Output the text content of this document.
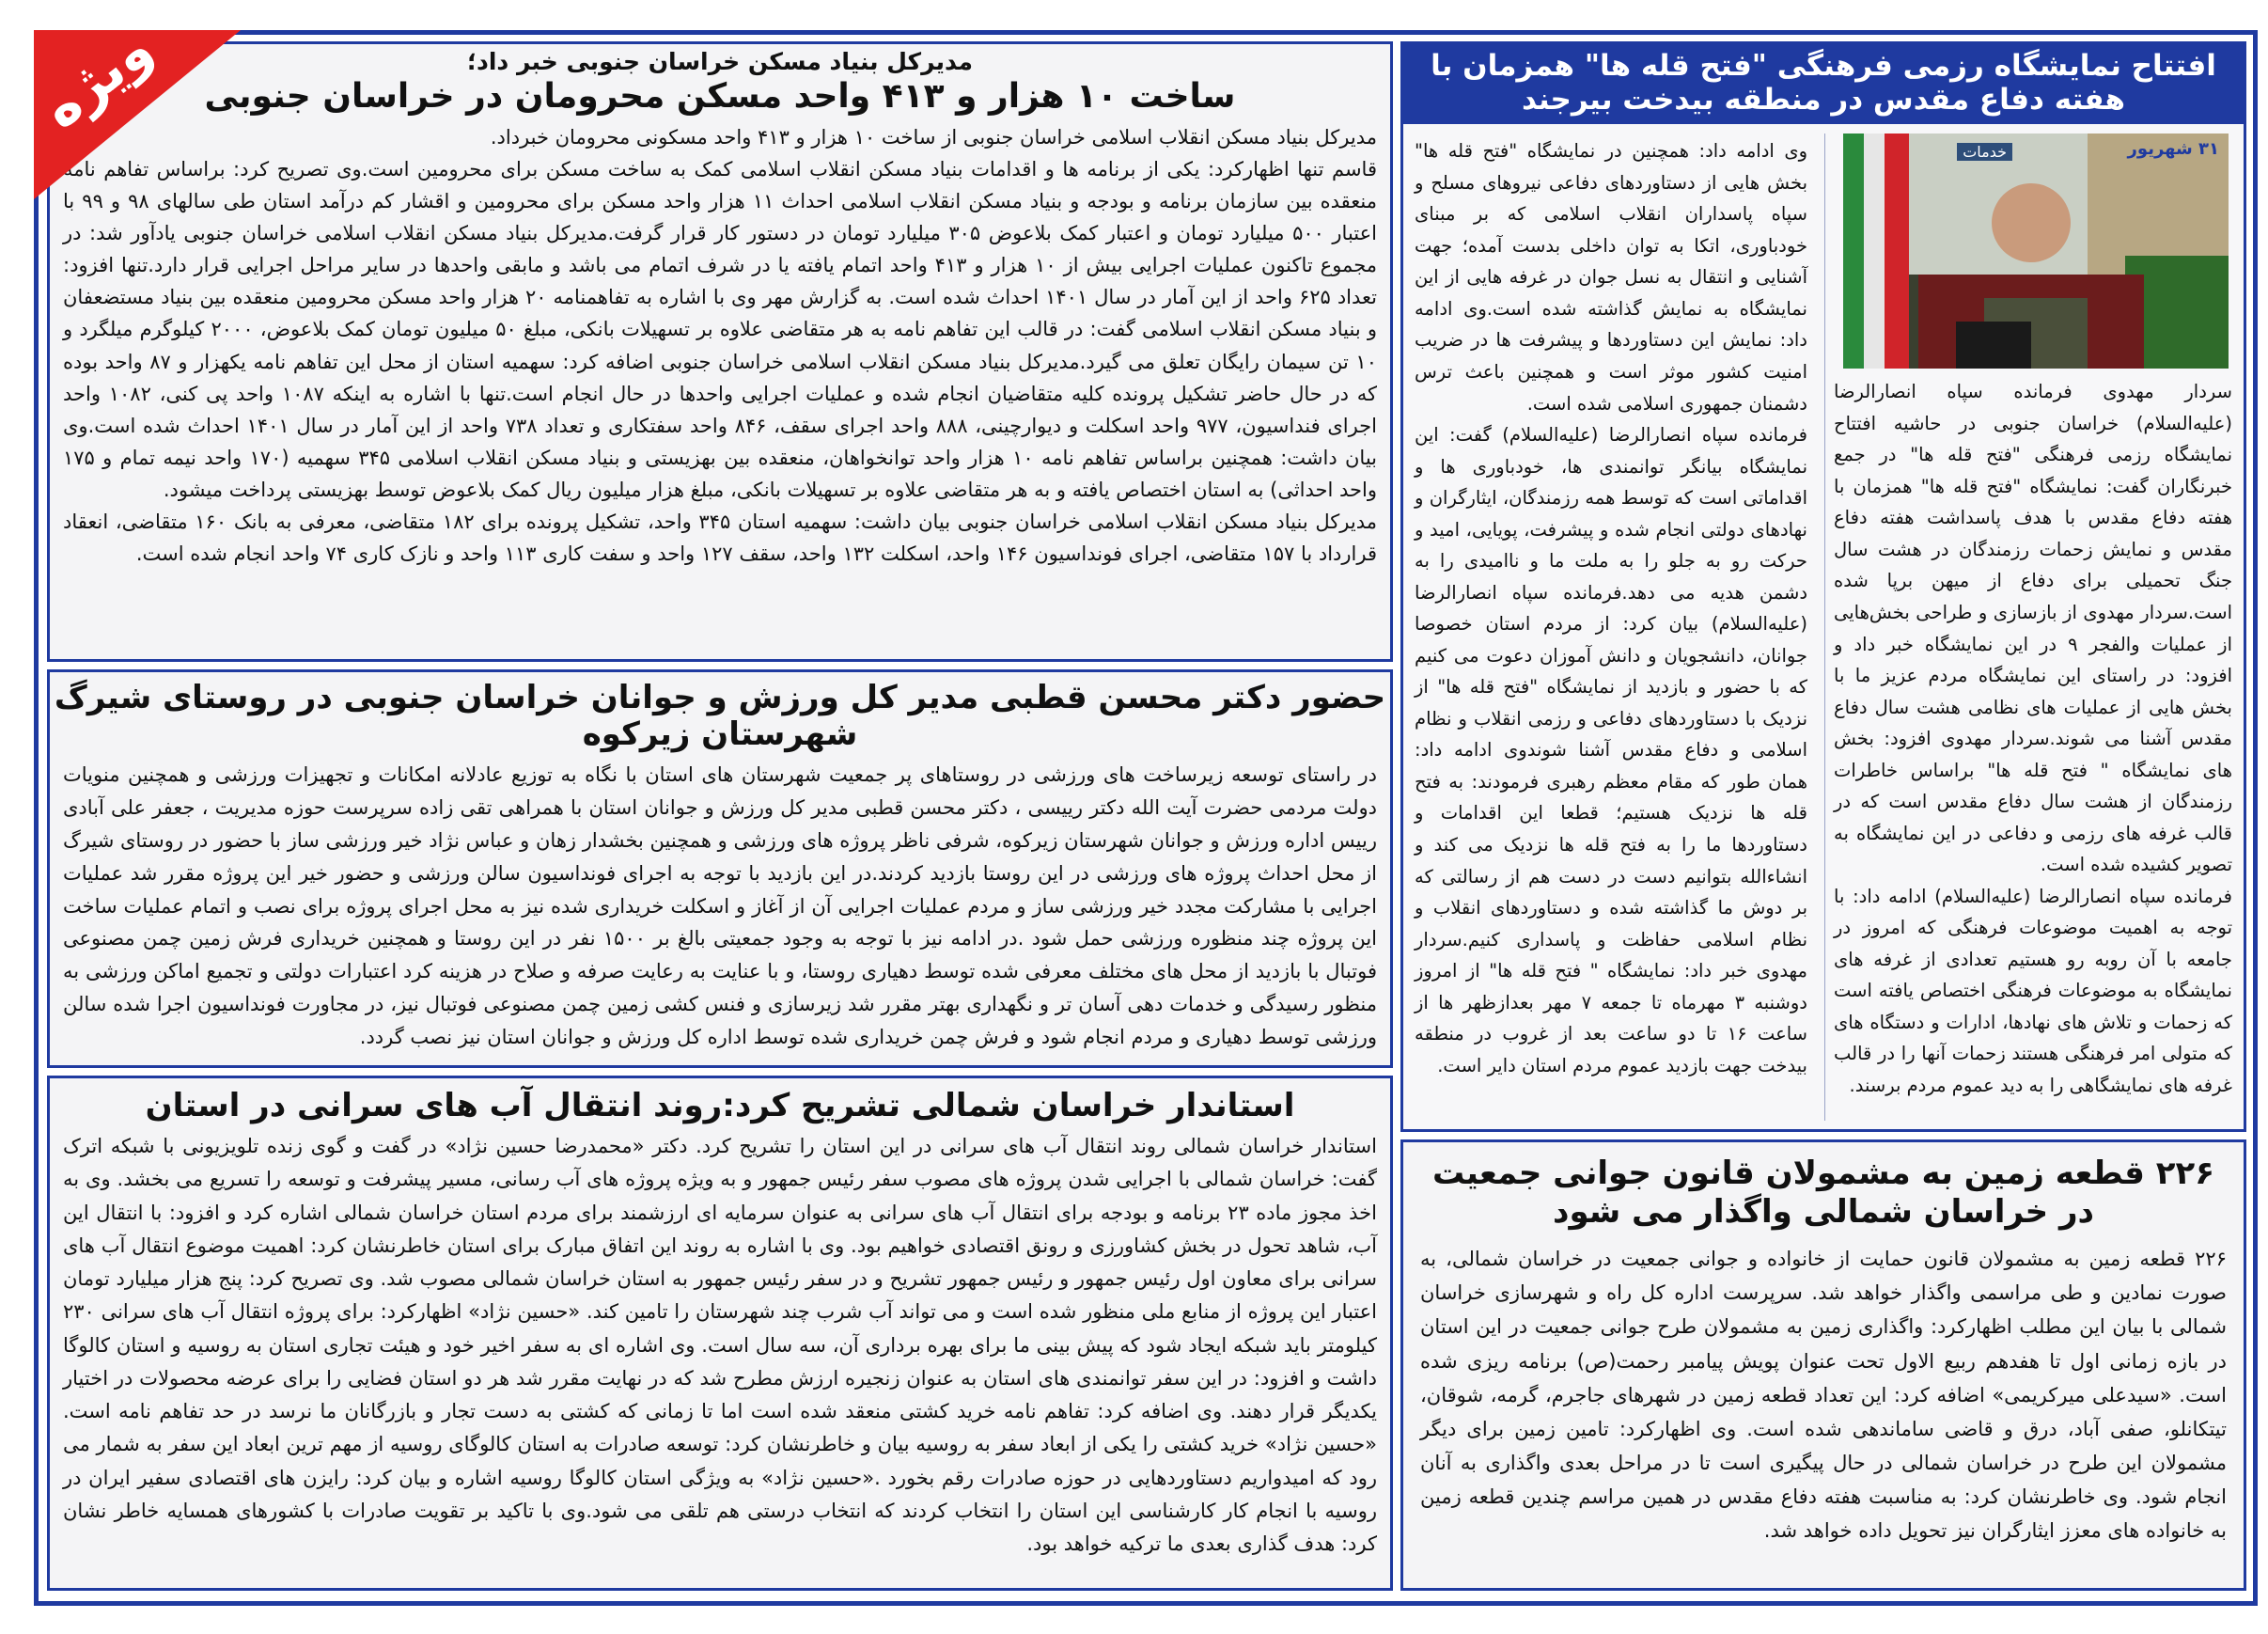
ویژه	مدیرکل بنیاد مسکن خراسان جنوبی خبر داد؛
ساخت ۱۰ هزار و ۴۱۳ واحد مسکن محرومان در خراسان جنوبی

مدیرکل بنیاد مسکن انقلاب اسلامی خراسان جنوبی از ساخت ۱۰ هزار و ۴۱۳ واحد مسکونی محرومان خبرداد.

قاسم تنها اظهارکرد: یکی از برنامه ها و اقدامات بنیاد مسکن انقلاب اسلامی کمک به ساخت مسکن برای محرومین است.وی تصریح کرد: براساس تفاهم نامه منعقده بین سازمان برنامه و بودجه و بنیاد مسکن انقلاب اسلامی احداث ۱۱ هزار واحد مسکن برای محرومین و اقشار کم درآمد استان طی سالهای ۹۸ و ۹۹ با اعتبار ۵۰۰ میلیارد تومان و اعتبار کمک بلاعوض ۳۰۵ میلیارد تومان در دستور کار قرار گرفت.مدیرکل بنیاد مسکن انقلاب اسلامی خراسان جنوبی یادآور شد: در مجموع تاکنون عملیات اجرایی بیش از ۱۰ هزار و ۴۱۳ واحد اتمام یافته یا در شرف اتمام می باشد و مابقی واحدها در سایر مراحل اجرایی قرار دارد.تنها افزود: تعداد ۶۲۵ واحد از این آمار در سال ۱۴۰۱ احداث شده است. به گزارش مهر وی با اشاره به تفاهمنامه ۲۰ هزار واحد مسکن محرومین منعقده بین بنیاد مستضعفان و بنیاد مسکن انقلاب اسلامی گفت: در قالب این تفاهم نامه به هر متقاضی علاوه بر تسهیلات بانکی، مبلغ ۵۰ میلیون تومان کمک بلاعوض، ۲۰۰۰ کیلوگرم میلگرد و ۱۰ تن سیمان رایگان تعلق می گیرد.مدیرکل بنیاد مسکن انقلاب اسلامی خراسان جنوبی اضافه کرد: سهمیه استان از محل این تفاهم نامه یکهزار و ۸۷ واحد بوده که در حال حاضر تشکیل پرونده کلیه متقاضیان انجام شده و عملیات اجرایی واحدها در حال انجام است.تنها با اشاره به اینکه ۱۰۸۷ واحد پی کنی، ۱۰۸۲ واحد اجرای فنداسیون، ۹۷۷ واحد اسکلت و دیوارچینی، ۸۸۸ واحد اجرای سقف، ۸۴۶ واحد سفتکاری و تعداد ۷۳۸ واحد از این آمار در سال ۱۴۰۱ احداث شده است.وی بیان داشت: همچنین براساس تفاهم نامه ۱۰ هزار واحد توانخواهان، منعقده بین بهزیستی و بنیاد مسکن انقلاب اسلامی ۳۴۵ سهمیه (۱۷۰ واحد نیمه تمام و ۱۷۵ واحد احداثی) به استان اختصاص یافته و به هر متقاضی علاوه بر تسهیلات بانکی، مبلغ هزار میلیون ریال کمک بلاعوض توسط بهزیستی پرداخت میشود.

مدیرکل بنیاد مسکن انقلاب اسلامی خراسان جنوبی بیان داشت: سهمیه استان ۳۴۵ واحد، تشکیل پرونده برای ۱۸۲ متقاضی، معرفی به بانک ۱۶۰ متقاضی، انعقاد قرارداد با ۱۵۷ متقاضی، اجرای فونداسیون ۱۴۶ واحد، اسکلت ۱۳۲ واحد، سقف ۱۲۷ واحد و سفت کاری ۱۱۳ واحد و نازک کاری ۷۴ واحد انجام شده است.

حضور دکتر محسن قطبی مدیر کل ورزش و جوانان خراسان جنوبی در روستای شیرگ شهرستان زیرکوه

در راستای توسعه زیرساخت های ورزشی در روستاهای پر جمعیت شهرستان های استان با نگاه به توزیع عادلانه امکانات و تجهیزات ورزشی و همچنین منویات دولت مردمی حضرت آیت الله دکتر رییسی ، دکتر محسن قطبی مدیر کل ورزش و جوانان استان با همراهی تقی زاده سرپرست حوزه مدیریت ، جعفر علی آبادی رییس اداره ورزش و جوانان شهرستان زیرکوه، شرفی ناظر پروژه های ورزشی و همچنین بخشدار زهان و عباس نژاد خیر ورزشی ساز با حضور در روستای شیرگ از محل احداث پروژه های ورزشی در این روستا بازدید کردند.در این بازدید با توجه به اجرای فونداسیون سالن ورزشی و حضور خیر این پروژه مقرر شد عملیات اجرایی با مشارکت مجدد خیر ورزشی ساز و مردم عملیات اجرایی آن از آغاز و اسکلت خریداری شده نیز به محل اجرای پروژه برای نصب و اتمام عملیات ساخت این پروژه چند منظوره ورزشی حمل شود .در ادامه نیز با توجه به وجود جمعیتی بالغ بر ۱۵۰۰ نفر در این روستا و همچنین خریداری فرش زمین چمن مصنوعی فوتبال با بازدید از محل های مختلف معرفی شده توسط دهیاری روستا، و با عنایت به رعایت صرفه و صلاح در هزینه کرد اعتبارات دولتی و تجمیع اماکن ورزشی به منظور رسیدگی و خدمات دهی آسان تر و نگهداری بهتر مقرر شد زیرسازی و فنس کشی زمین چمن مصنوعی فوتبال نیز، در مجاورت فونداسیون اجرا شده سالن ورزشی توسط دهیاری و مردم انجام شود و فرش چمن خریداری شده توسط اداره کل ورزش و جوانان استان نیز نصب گردد.

استاندار خراسان شمالی تشریح کرد:روند انتقال آب های سرانی در استان

استاندار خراسان شمالی روند انتقال آب های سرانی در این استان را تشریح کرد. دکتر «محمدرضا حسین نژاد» در گفت و گوی زنده تلویزیونی با شبکه اترک گفت: خراسان شمالی با اجرایی شدن پروژه های مصوب سفر رئیس جمهور و به ویژه پروژه های آب رسانی، مسیر پیشرفت و توسعه را تسریع می بخشد. وی به اخذ مجوز ماده ۲۳ برنامه و بودجه برای انتقال آب های سرانی به عنوان سرمایه ای ارزشمند برای مردم استان خراسان شمالی اشاره کرد و افزود: با انتقال این آب، شاهد تحول در بخش کشاورزی و رونق اقتصادی خواهیم بود. وی با اشاره به روند این اتفاق مبارک برای استان خاطرنشان کرد: اهمیت موضوع انتقال آب های سرانی برای معاون اول رئیس جمهور و رئیس جمهور تشریح و در سفر رئیس جمهور به استان خراسان شمالی مصوب شد. وی تصریح کرد: پنج هزار میلیارد تومان اعتبار این پروژه از منابع ملی منظور شده است و می تواند آب شرب چند شهرستان را تامین کند. «حسین نژاد» اظهارکرد: برای پروژه انتقال آب های سرانی ۲۳۰ کیلومتر باید شبکه ایجاد شود که پیش بینی ما برای بهره برداری آن، سه سال است. وی اشاره ای به سفر اخیر خود و هیئت تجاری استان به روسیه و استان کالوگا داشت و افزود: در این سفر توانمندی های استان به عنوان زنجیره ارزش مطرح شد که در نهایت مقرر شد هر دو استان فضایی را برای عرضه محصولات در اختیار یکدیگر قرار دهند. وی اضافه کرد: تفاهم نامه خرید کشتی منعقد شده است اما تا زمانی که کشتی به دست تجار و بازرگانان ما نرسد در حد تفاهم نامه است. «حسین نژاد» خرید کشتی را یکی از ابعاد سفر به روسیه بیان و خاطرنشان کرد: توسعه صادرات به استان کالوگای روسیه از مهم ترین ابعاد این سفر به شمار می رود که امیدواریم دستاوردهایی در حوزه صادرات رقم بخورد .«حسین نژاد» به ویژگی استان کالوگا روسیه اشاره و بیان کرد: رایزن های اقتصادی سفیر ایران در روسیه با انجام کار کارشناسی این استان را انتخاب کردند که انتخاب درستی هم تلقی می شود.وی با تاکید بر تقویت صادرات با کشورهای همسایه خاطر نشان کرد: هدف گذاری بعدی ما ترکیه خواهد بود.

افتتاح نمایشگاه رزمی فرهنگی "فتح قله ها" همزمان با هفته دفاع مقدس در منطقه بیدخت بیرجند
۳۱ شهریور
خدمات

سردار مهدوی فرمانده سپاه انصارالرضا (علیه‌السلام) خراسان جنوبی در حاشیه افتتاح نمایشگاه رزمی فرهنگی "فتح قله ها" در جمع خبرنگاران گفت: نمایشگاه "فتح قله ها" همزمان با هفته دفاع مقدس با هدف پاسداشت هفته دفاع مقدس و نمایش زحمات رزمندگان در هشت سال جنگ تحمیلی برای دفاع از میهن برپا شده است.سردار مهدوی از بازسازی و طراحی بخش‌هایی از عملیات والفجر ۹ در این نمایشگاه خبر داد و افزود: در راستای این نمایشگاه مردم عزیز ما با بخش هایی از عملیات های نظامی هشت سال دفاع مقدس آشنا می شوند.سردار مهدوی افزود: بخش های نمایشگاه " فتح قله ها" براساس خاطرات رزمندگان از هشت سال دفاع مقدس است که در قالب غرفه های رزمی و دفاعی در این نمایشگاه به تصویر کشیده شده است.

فرمانده سپاه انصارالرضا (علیه‌السلام) ادامه داد: با توجه به اهمیت موضوعات فرهنگی که امروز در جامعه با آن روبه رو هستیم تعدادی از غرفه های نمایشگاه به موضوعات فرهنگی اختصاص یافته است که زحمات و تلاش های نهادها، ادارات و دستگاه های که متولی امر فرهنگی هستند زحمات آنها را در قالب غرفه های نمایشگاهی را به دید عموم مردم برسند.

وی ادامه داد: همچنین در نمایشگاه "فتح قله ها" بخش هایی از دستاوردهای دفاعی نیروهای مسلح و سپاه پاسداران انقلاب اسلامی که بر مبنای خودباوری، اتکا به توان داخلی بدست آمده؛ جهت آشنایی و انتقال به نسل جوان در غرفه هایی از این نمایشگاه به نمایش گذاشته شده است.وی ادامه داد: نمایش این دستاوردها و پیشرفت ها در ضریب امنیت کشور موثر است و همچنین باعث ترس دشمنان جمهوری اسلامی شده است.

فرمانده سپاه انصارالرضا (علیه‌السلام) گفت: این نمایشگاه بیانگر توانمندی ها، خودباوری ها و اقداماتی است که توسط همه رزمندگان، ایثارگران و نهادهای دولتی انجام شده و پیشرفت، پویایی، امید و حرکت رو به جلو را به ملت ما و ناامیدی را به دشمن هدیه می دهد.فرمانده سپاه انصارالرضا (علیه‌السلام) بیان کرد: از مردم استان خصوصا جوانان، دانشجویان و دانش آموزان دعوت می کنیم که با حضور و بازدید از نمایشگاه "فتح قله ها" از نزدیک با دستاوردهای دفاعی و رزمی انقلاب و نظام اسلامی و دفاع مقدس آشنا شوندوی ادامه داد: همان طور که مقام معظم رهبری فرمودند: به فتح قله ها نزدیک هستیم؛ قطعا این اقدامات و دستاوردها ما را به فتح قله ها نزدیک می کند و انشاءالله بتوانیم دست در دست هم از رسالتی که بر دوش ما گذاشته شده و دستاوردهای انقلاب و نظام اسلامی حفاظت و پاسداری کنیم.سردار مهدوی خبر داد: نمایشگاه " فتح قله ها" از امروز دوشنبه ۳ مهرماه تا جمعه ۷ مهر بعدازظهر ها از ساعت ۱۶ تا دو ساعت بعد از غروب در منطقه بیدخت جهت بازدید عموم مردم استان دایر است.

۲۲۶ قطعه زمین به مشمولان قانون جوانی جمعیت
در خراسان شمالی واگذار می شود

۲۲۶ قطعه زمین به مشمولان قانون حمایت از خانواده و جوانی جمعیت در خراسان شمالی، به صورت نمادین و طی مراسمی واگذار خواهد شد. سرپرست اداره کل راه و شهرسازی خراسان شمالی با بیان این مطلب اظهارکرد: واگذاری زمین به مشمولان طرح جوانی جمعیت در این استان در بازه زمانی اول تا هفدهم ربیع الاول تحت عنوان پویش پیامبر رحمت(ص) برنامه ریزی شده است. «سیدعلی میرکریمی» اضافه کرد: این تعداد قطعه زمین در شهرهای جاجرم، گرمه، شوقان، تیتکانلو، صفی آباد، درق و قاضی ساماندهی شده است. وی اظهارکرد: تامین زمین برای دیگر مشمولان این طرح در خراسان شمالی در حال پیگیری است تا در مراحل بعدی واگذاری به آنان انجام شود. وی خاطرنشان کرد: به مناسبت هفته دفاع مقدس در همین مراسم چندین قطعه زمین به خانواده های معزز ایثارگران نیز تحویل داده خواهد شد.
